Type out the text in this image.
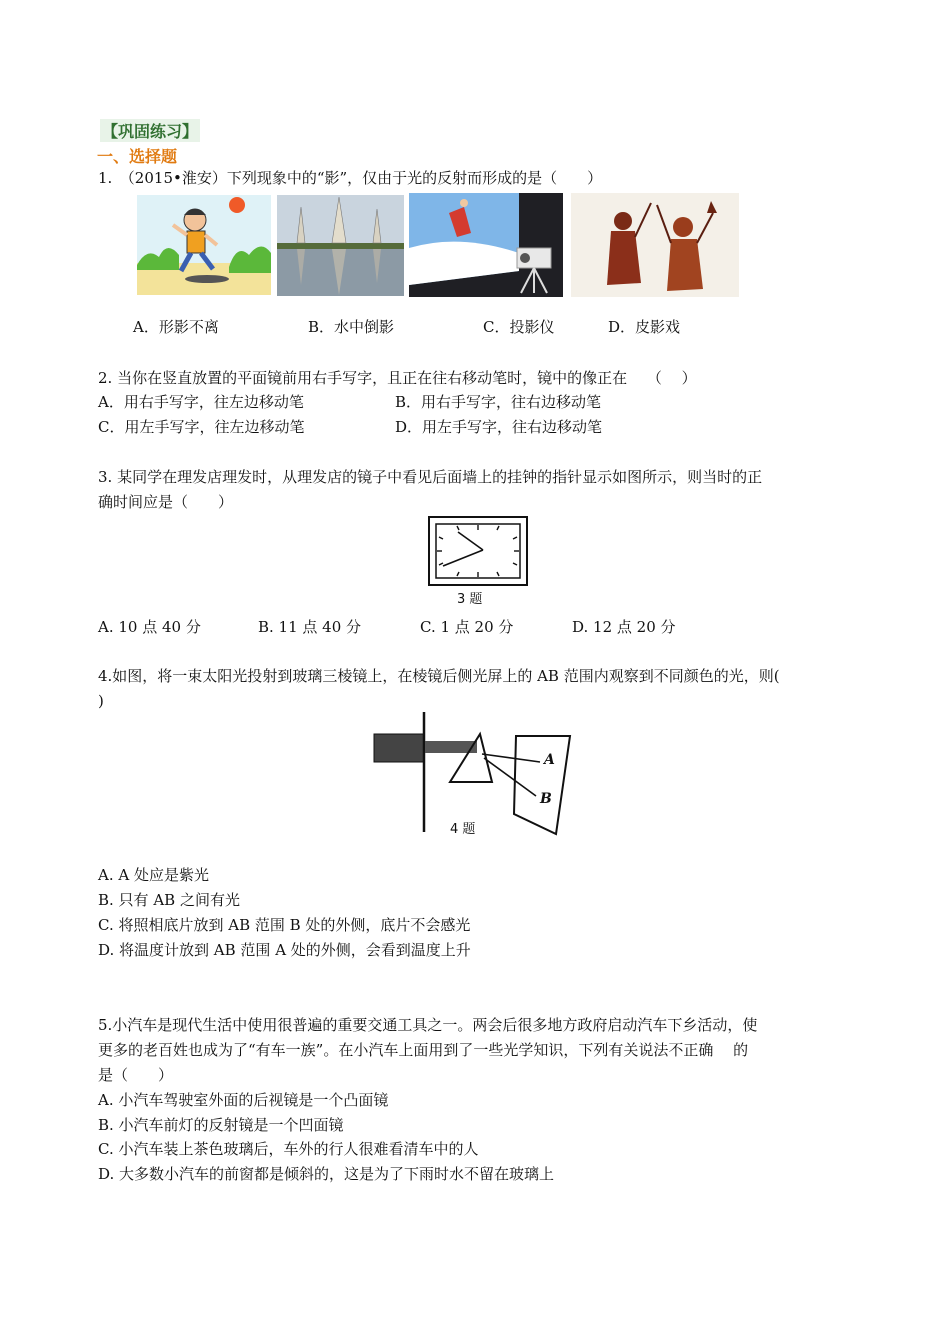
【巩固练习】
一、选择题
1.　（2015•淮安）下列现象中的“影”，仅由于光的反射而形成的是（　　）
A．形影不离	B．水中倒影	C．投影仪	D．皮影戏
2. 当你在竖直放置的平面镜前用右手写字，且正在往右移动笔时，镜中的像正在　 （　 ）
A．用右手写字，往左边移动笔	B．用右手写字，往右边移动笔
C．用左手写字，往左边移动笔	D．用左手写字，往右边移动笔
3. 某同学在理发店理发时，从理发店的镜子中看见后面墙上的挂钟的指针显示如图所示，则当时的正
确时间应是（　　）
3 题
A. 10 点 40 分	B. 11 点 40 分	C. 1 点 20 分	D. 12 点 20 分
4.如图，将一束太阳光投射到玻璃三棱镜上，在棱镜后侧光屏上的 AB 范围内观察到不同颜色的光，则(
)
A
B
4 题
A. A 处应是紫光
B. 只有 AB 之间有光
C. 将照相底片放到 AB 范围 B 处的外侧，底片不会感光
D. 将温度计放到 AB 范围 A 处的外侧，会看到温度上升
5.小汽车是现代生活中使用很普遍的重要交通工具之一。两会后很多地方政府启动汽车下乡活动，使
更多的老百姓也成为了“有车一族”。在小汽车上面用到了一些光学知识，下列有关说法不正确　 的
是（　　）
A. 小汽车驾驶室外面的后视镜是一个凸面镜
B. 小汽车前灯的反射镜是一个凹面镜
C. 小汽车装上茶色玻璃后，车外的行人很难看清车中的人
D. 大多数小汽车的前窗都是倾斜的，这是为了下雨时水不留在玻璃上
